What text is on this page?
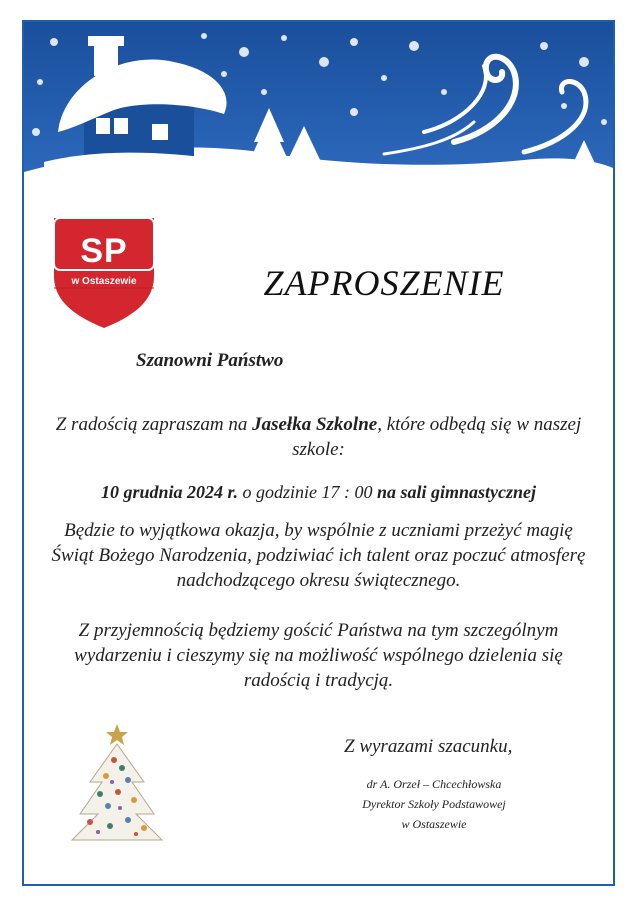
SP
w Ostaszewie	ZAPROSZENIE
Szanowni Państwo
Z radością zapraszam na Jasełka Szkolne, które odbędą się w naszej szkole:
10 grudnia 2024 r. o godzinie 17 : 00 na sali gimnastycznej
Będzie to wyjątkowa okazja, by wspólnie z uczniami przeżyć magię Świąt Bożego Narodzenia, podziwiać ich talent oraz poczuć atmosferę nadchodzącego okresu świątecznego.
Z przyjemnością będziemy gościć Państwa na tym szczególnym wydarzeniu i cieszymy się na możliwość wspólnego dzielenia się radością i tradycją.
Z wyrazami szacunku,
dr A. Orzeł – Chcechłowska
Dyrektor Szkoły Podstawowej
w Ostaszewie
